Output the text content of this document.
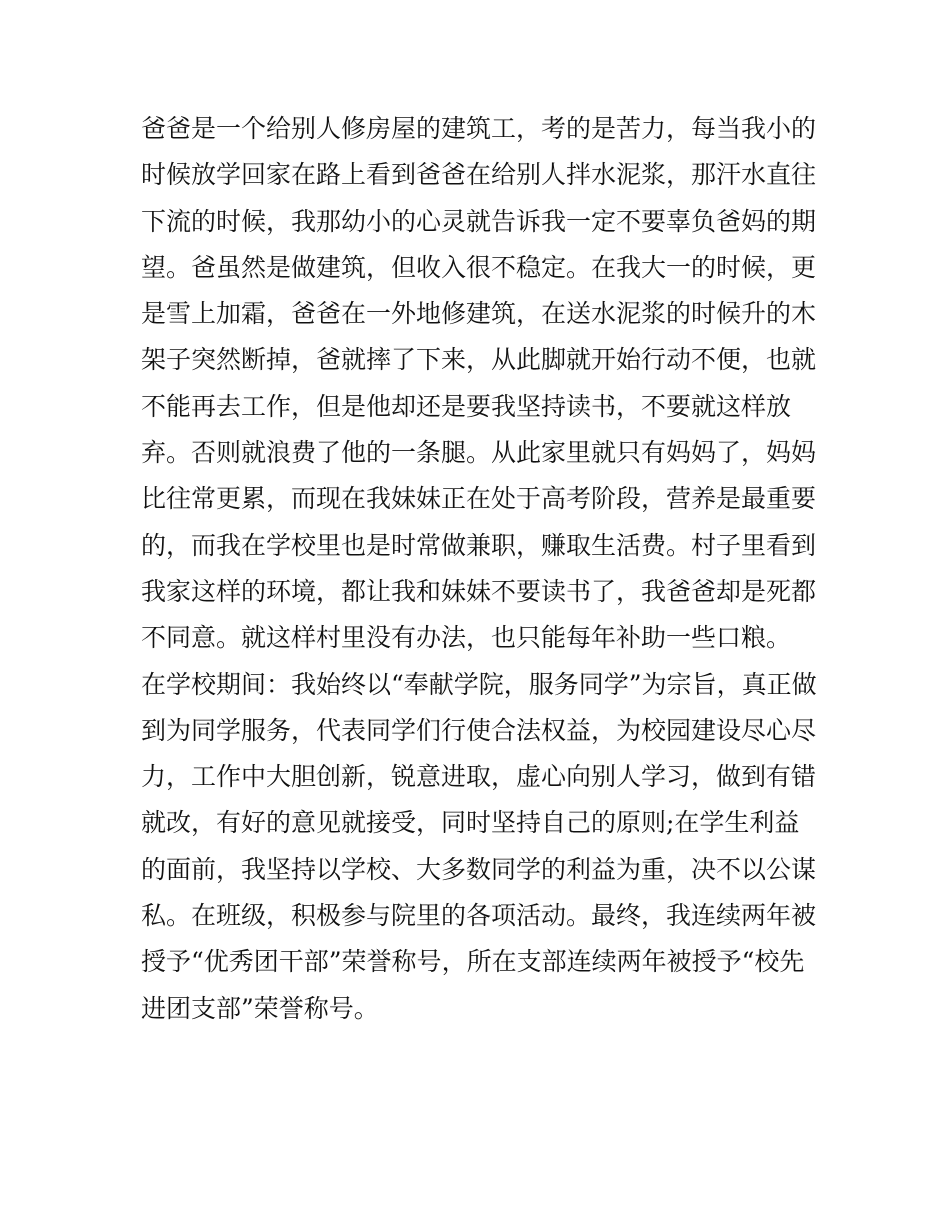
爸爸是一个给别人修房屋的建筑工，考的是苦力，每当我小的
时候放学回家在路上看到爸爸在给别人拌水泥浆，那汗水直往
下流的时候，我那幼小的心灵就告诉我一定不要辜负爸妈的期
望。爸虽然是做建筑，但收入很不稳定。在我大一的时候，更
是雪上加霜，爸爸在一外地修建筑，在送水泥浆的时候升的木
架子突然断掉，爸就摔了下来，从此脚就开始行动不便，也就
不能再去工作，但是他却还是要我坚持读书，不要就这样放
弃。否则就浪费了他的一条腿。从此家里就只有妈妈了，妈妈
比往常更累，而现在我妹妹正在处于高考阶段，营养是最重要
的，而我在学校里也是时常做兼职，赚取生活费。村子里看到
我家这样的环境，都让我和妹妹不要读书了，我爸爸却是死都
不同意。就这样村里没有办法，也只能每年补助一些口粮。
在学校期间：我始终以“奉献学院，服务同学”为宗旨，真正做
到为同学服务，代表同学们行使合法权益，为校园建设尽心尽
力，工作中大胆创新，锐意进取，虚心向别人学习，做到有错
就改，有好的意见就接受，同时坚持自己的原则;在学生利益
的面前，我坚持以学校、大多数同学的利益为重，决不以公谋
私。在班级，积极参与院里的各项活动。最终，我连续两年被
授予“优秀团干部”荣誉称号，所在支部连续两年被授予“校先
进团支部”荣誉称号。
